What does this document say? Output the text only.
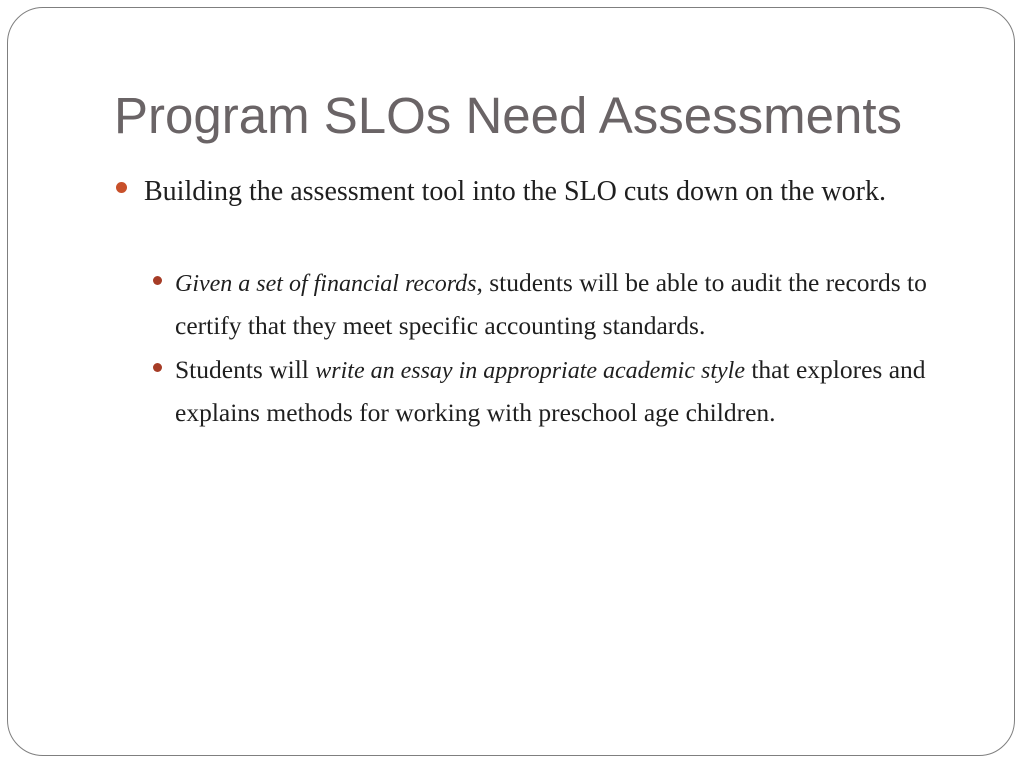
Program SLOs Need Assessments
Building the assessment tool into the SLO cuts down on the work.
Given a set of financial records, students will be able to audit the records to certify that they meet specific accounting standards.
Students will write an essay in appropriate academic style that explores and explains methods for working with preschool age children.
